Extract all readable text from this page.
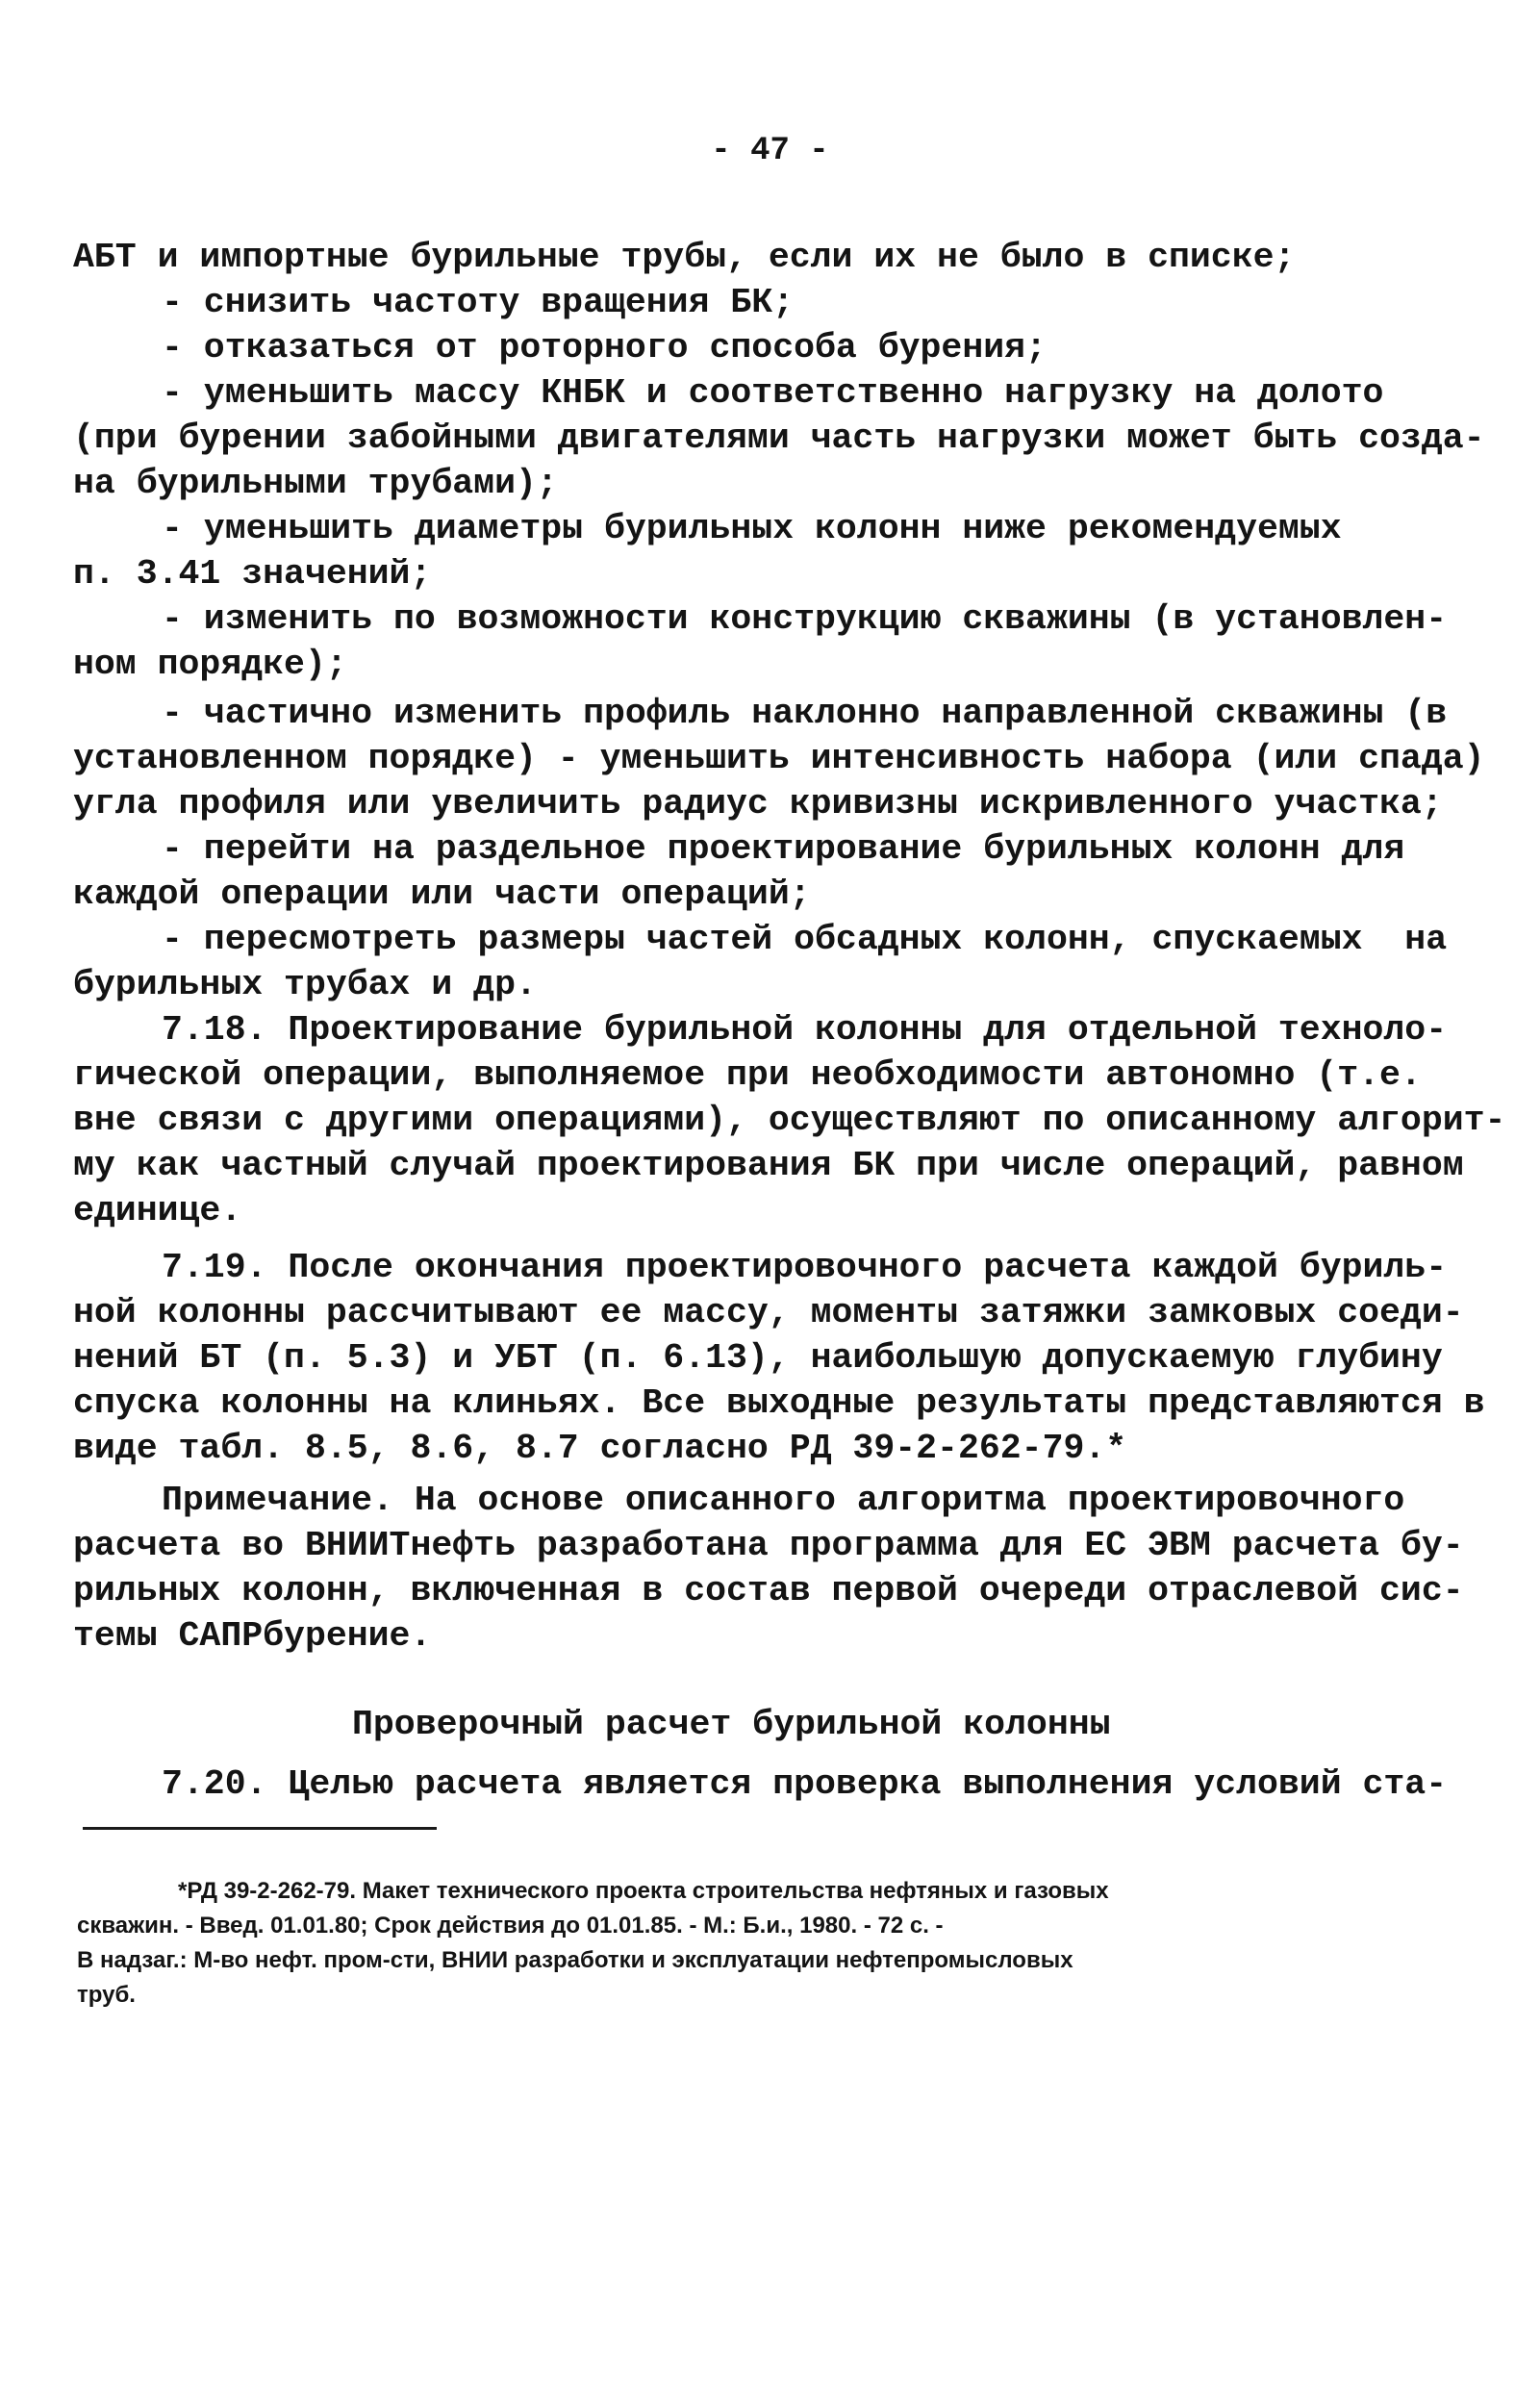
- 47 -
АБТ и импортные бурильные трубы, если их не было в списке;
- снизить частоту вращения БК;
- отказаться от роторного способа бурения;
- уменьшить массу КНБК и соответственно нагрузку на долото
(при бурении забойными двигателями часть нагрузки может быть созда-
на бурильными трубами);
- уменьшить диаметры бурильных колонн ниже рекомендуемых
п. 3.41 значений;
- изменить по возможности конструкцию скважины (в установлен-
ном порядке);
- частично изменить профиль наклонно направленной скважины (в
установленном порядке) - уменьшить интенсивность набора (или спада)
угла профиля или увеличить радиус кривизны искривленного участка;
- перейти на раздельное проектирование бурильных колонн для
каждой операции или части операций;
- пересмотреть размеры частей обсадных колонн, спускаемых  на
бурильных трубах и др.
7.18. Проектирование бурильной колонны для отдельной техноло-
гической операции, выполняемое при необходимости автономно (т.е.
вне связи с другими операциями), осуществляют по описанному алгорит-
му как частный случай проектирования БК при числе операций, равном
единице.
7.19. После окончания проектировочного расчета каждой буриль-
ной колонны рассчитывают ее массу, моменты затяжки замковых соеди-
нений БТ (п. 5.3) и УБТ (п. 6.13), наибольшую допускаемую глубину
спуска колонны на клиньях. Все выходные результаты представляются в
виде табл. 8.5, 8.6, 8.7 согласно РД 39-2-262-79.*
Примечание. На основе описанного алгоритма проектировочного
расчета во ВНИИТнефть разработана программа для ЕС ЭВМ расчета бу-
рильных колонн, включенная в состав первой очереди отраслевой сис-
темы САПРбурение.
Проверочный расчет бурильной колонны
7.20. Целью расчета является проверка выполнения условий ста-
*РД 39-2-262-79. Макет технического проекта строительства нефтяных и газовых
скважин. - Введ. 01.01.80; Срок действия до 01.01.85. - М.: Б.и., 1980. - 72 с. -
В надзаг.: М-во нефт. пром-сти, ВНИИ разработки и эксплуатации нефтепромысловых
труб.
